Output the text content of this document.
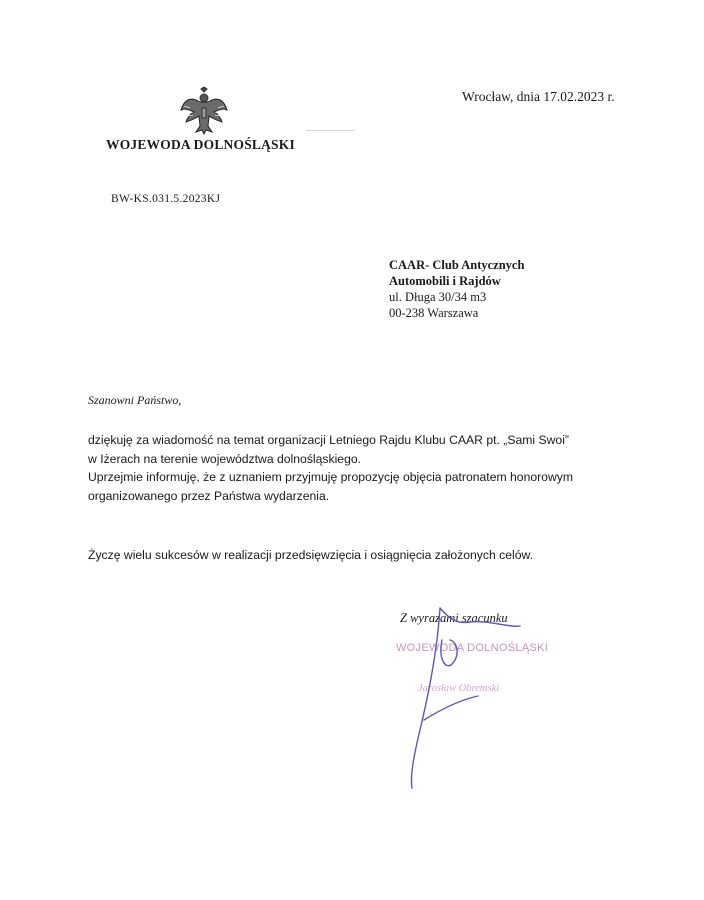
Wrocław, dnia 17.02.2023 r.
WOJEWODA DOLNOŚLĄSKI
BW-KS.031.5.2023KJ
CAAR- Club Antycznych
Automobili i Rajdów
ul. Długa 30/34 m3
00-238 Warszawa
Szanowni Państwo,
dziękuję za wiadomość na temat organizacji Letniego Rajdu Klubu CAAR pt. „Sami Swoi”
w Iżerach na terenie województwa dolnośląskiego.
Uprzejmie informuję, że z uznaniem przyjmuję propozycję objęcia patronatem honorowym
organizowanego przez Państwa wydarzenia.
Życzę wielu sukcesów w realizacji przedsięwzięcia i osiągnięcia założonych celów.
Z wyrazami szacunku
WOJEWODA DOLNOŚLĄSKI
Jarosław Obremski
